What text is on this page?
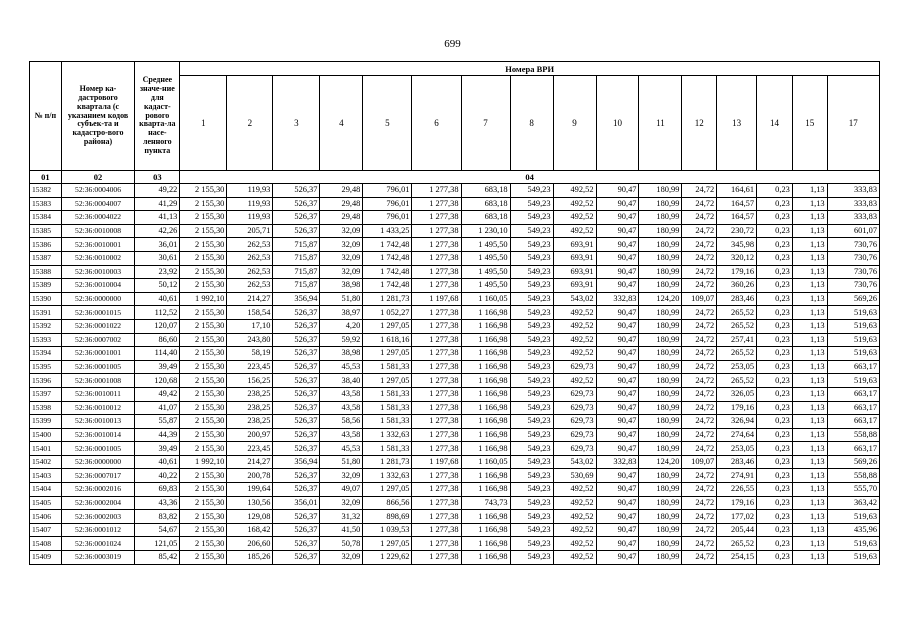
699
№ п/п	Номер ка-дастрового квартала (с указанием кодов субъек-та и кадастро-вого района)	Среднее значе-ние для кадаст-рового кварта-ла насе-ленного пункта	Номера ВРИ															
			1	2	3	4	5	6	7	8	9	10	11	12	13	14	15	17
01	02	03	04															
15382	52:36:0004006	49,22	2 155,30	119,93	526,37	29,48	796,01	1 277,38	683,18	549,23	492,52	90,47	180,99	24,72	164,61	0,23	1,13	333,83
15383	52:36:0004007	41,29	2 155,30	119,93	526,37	29,48	796,01	1 277,38	683,18	549,23	492,52	90,47	180,99	24,72	164,57	0,23	1,13	333,83
15384	52:36:0004022	41,13	2 155,30	119,93	526,37	29,48	796,01	1 277,38	683,18	549,23	492,52	90,47	180,99	24,72	164,57	0,23	1,13	333,83
15385	52:36:0010008	42,26	2 155,30	205,71	526,37	32,09	1 433,25	1 277,38	1 230,10	549,23	492,52	90,47	180,99	24,72	230,72	0,23	1,13	601,07
15386	52:36:0010001	36,01	2 155,30	262,53	715,87	32,09	1 742,48	1 277,38	1 495,50	549,23	693,91	90,47	180,99	24,72	345,98	0,23	1,13	730,76
15387	52:36:0010002	30,61	2 155,30	262,53	715,87	32,09	1 742,48	1 277,38	1 495,50	549,23	693,91	90,47	180,99	24,72	320,12	0,23	1,13	730,76
15388	52:36:0010003	23,92	2 155,30	262,53	715,87	32,09	1 742,48	1 277,38	1 495,50	549,23	693,91	90,47	180,99	24,72	179,16	0,23	1,13	730,76
15389	52:36:0010004	50,12	2 155,30	262,53	715,87	38,98	1 742,48	1 277,38	1 495,50	549,23	693,91	90,47	180,99	24,72	360,26	0,23	1,13	730,76
15390	52:36:0000000	40,61	1 992,10	214,27	356,94	51,80	1 281,73	1 197,68	1 160,05	549,23	543,02	332,83	124,20	109,07	283,46	0,23	1,13	569,26
15391	52:36:0001015	112,52	2 155,30	158,54	526,37	38,97	1 052,27	1 277,38	1 166,98	549,23	492,52	90,47	180,99	24,72	265,52	0,23	1,13	519,63
15392	52:36:0001022	120,07	2 155,30	17,10	526,37	4,20	1 297,05	1 277,38	1 166,98	549,23	492,52	90,47	180,99	24,72	265,52	0,23	1,13	519,63
15393	52:36:0007002	86,60	2 155,30	243,80	526,37	59,92	1 618,16	1 277,38	1 166,98	549,23	492,52	90,47	180,99	24,72	257,41	0,23	1,13	519,63
15394	52:36:0001001	114,40	2 155,30	58,19	526,37	38,98	1 297,05	1 277,38	1 166,98	549,23	492,52	90,47	180,99	24,72	265,52	0,23	1,13	519,63
15395	52:36:0001005	39,49	2 155,30	223,45	526,37	45,53	1 581,33	1 277,38	1 166,98	549,23	629,73	90,47	180,99	24,72	253,05	0,23	1,13	663,17
15396	52:36:0001008	120,68	2 155,30	156,25	526,37	38,40	1 297,05	1 277,38	1 166,98	549,23	492,52	90,47	180,99	24,72	265,52	0,23	1,13	519,63
15397	52:36:0010011	49,42	2 155,30	238,25	526,37	43,58	1 581,33	1 277,38	1 166,98	549,23	629,73	90,47	180,99	24,72	326,05	0,23	1,13	663,17
15398	52:36:0010012	41,07	2 155,30	238,25	526,37	43,58	1 581,33	1 277,38	1 166,98	549,23	629,73	90,47	180,99	24,72	179,16	0,23	1,13	663,17
15399	52:36:0010013	55,87	2 155,30	238,25	526,37	58,56	1 581,33	1 277,38	1 166,98	549,23	629,73	90,47	180,99	24,72	326,94	0,23	1,13	663,17
15400	52:36:0010014	44,39	2 155,30	200,97	526,37	43,58	1 332,63	1 277,38	1 166,98	549,23	629,73	90,47	180,99	24,72	274,64	0,23	1,13	558,88
15401	52:36:0001005	39,49	2 155,30	223,45	526,37	45,53	1 581,33	1 277,38	1 166,98	549,23	629,73	90,47	180,99	24,72	253,05	0,23	1,13	663,17
15402	52:36:0000000	40,61	1 992,10	214,27	356,94	51,80	1 281,73	1 197,68	1 160,05	549,23	543,02	332,83	124,20	109,07	283,46	0,23	1,13	569,26
15403	52:36:0007017	40,22	2 155,30	200,78	526,37	32,09	1 332,63	1 277,38	1 166,98	549,23	530,69	90,47	180,99	24,72	274,91	0,23	1,13	558,88
15404	52:36:0002016	69,83	2 155,30	199,64	526,37	49,07	1 297,05	1 277,38	1 166,98	549,23	492,52	90,47	180,99	24,72	226,55	0,23	1,13	555,70
15405	52:36:0002004	43,36	2 155,30	130,56	356,01	32,09	866,56	1 277,38	743,73	549,23	492,52	90,47	180,99	24,72	179,16	0,23	1,13	363,42
15406	52:36:0002003	83,82	2 155,30	129,08	526,37	31,32	898,69	1 277,38	1 166,98	549,23	492,52	90,47	180,99	24,72	177,02	0,23	1,13	519,63
15407	52:36:0001012	54,67	2 155,30	168,42	526,37	41,50	1 039,53	1 277,38	1 166,98	549,23	492,52	90,47	180,99	24,72	205,44	0,23	1,13	435,96
15408	52:36:0001024	121,05	2 155,30	206,60	526,37	50,78	1 297,05	1 277,38	1 166,98	549,23	492,52	90,47	180,99	24,72	265,52	0,23	1,13	519,63
15409	52:36:0003019	85,42	2 155,30	185,26	526,37	32,09	1 229,62	1 277,38	1 166,98	549,23	492,52	90,47	180,99	24,72	254,15	0,23	1,13	519,63
